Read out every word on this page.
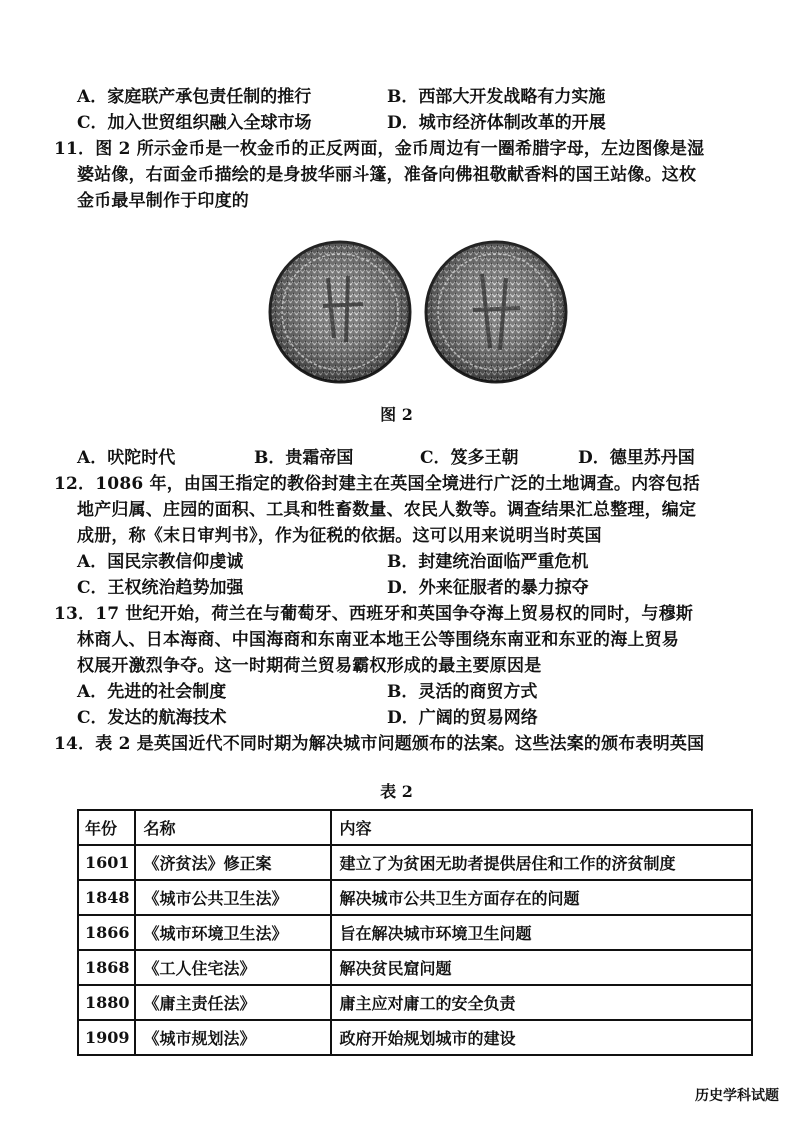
A．家庭联产承包责任制的推行	B．西部大开发战略有力实施
C．加入世贸组织融入全球市场	D．城市经济体制改革的开展
11．图 2 所示金币是一枚金币的正反两面，金币周边有一圈希腊字母，左边图像是湿
婆站像，右面金币描绘的是身披华丽斗篷，准备向佛祖敬献香料的国王站像。这枚
金币最早制作于印度的
图 2
A．吠陀时代	B．贵霜帝国	C．笈多王朝	D．德里苏丹国
12．1086 年，由国王指定的教俗封建主在英国全境进行广泛的土地调查。内容包括
地产归属、庄园的面积、工具和牲畜数量、农民人数等。调查结果汇总整理，编定
成册，称《末日审判书》，作为征税的依据。这可以用来说明当时英国
A．国民宗教信仰虔诚	B．封建统治面临严重危机
C．王权统治趋势加强	D．外来征服者的暴力掠夺
13．17 世纪开始，荷兰在与葡萄牙、西班牙和英国争夺海上贸易权的同时，与穆斯
林商人、日本海商、中国海商和东南亚本地王公等围绕东南亚和东亚的海上贸易
权展开激烈争夺。这一时期荷兰贸易霸权形成的最主要原因是
A．先进的社会制度	B．灵活的商贸方式
C．发达的航海技术	D．广阔的贸易网络
14．表 2 是英国近代不同时期为解决城市问题颁布的法案。这些法案的颁布表明英国
表 2
年份	名称	内容
1601	《济贫法》修正案	建立了为贫困无助者提供居住和工作的济贫制度
1848	《城市公共卫生法》	解决城市公共卫生方面存在的问题
1866	《城市环境卫生法》	旨在解决城市环境卫生问题
1868	《工人住宅法》	解决贫民窟问题
1880	《庸主责任法》	庸主应对庸工的安全负责
1909	《城市规划法》	政府开始规划城市的建设
历史学科试题
